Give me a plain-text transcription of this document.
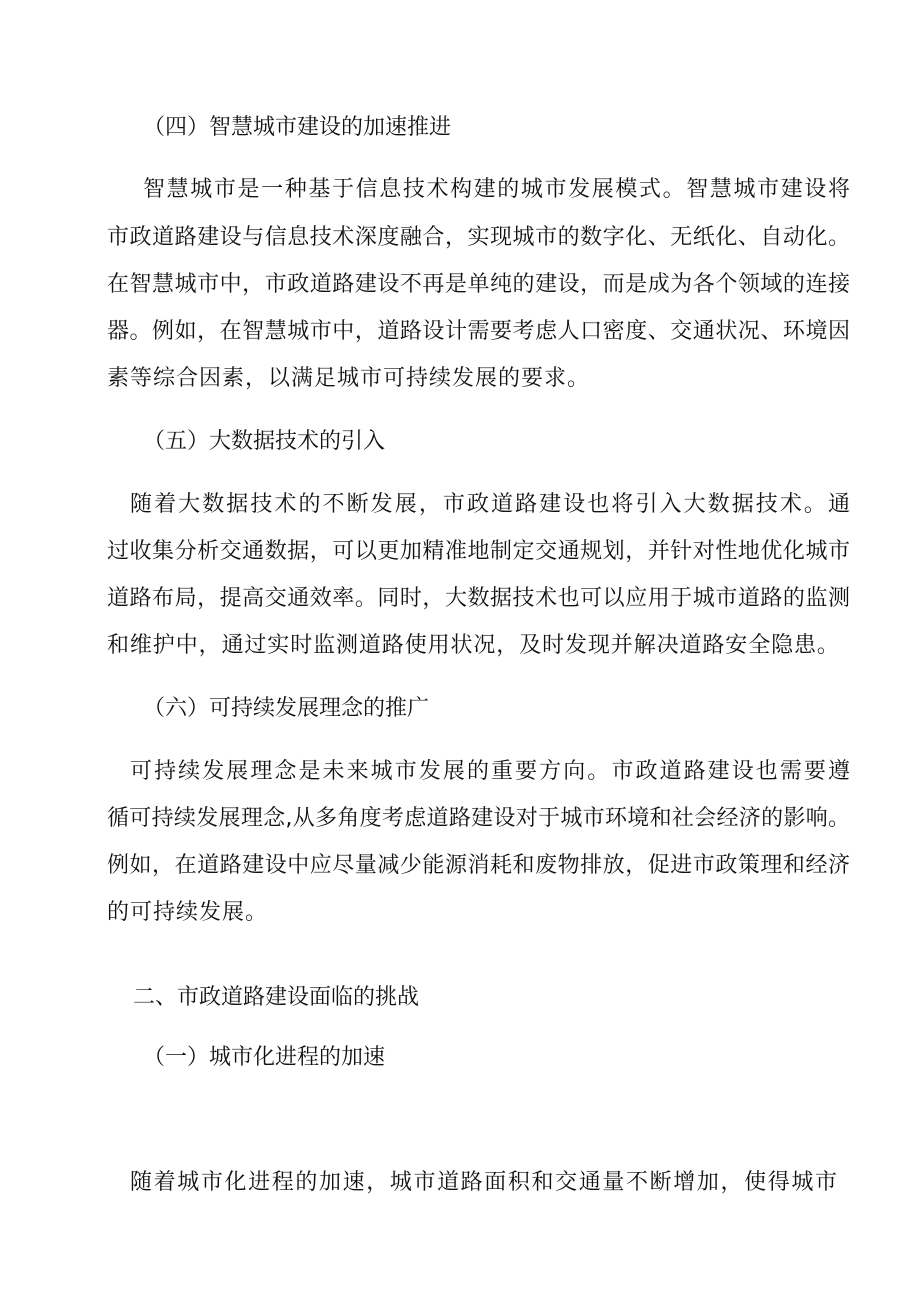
（四）智慧城市建设的加速推进
智慧城市是一种基于信息技术构建的城市发展模式。智慧城市建设将
市政道路建设与信息技术深度融合，实现城市的数字化、无纸化、自动化。
在智慧城市中，市政道路建设不再是单纯的建设，而是成为各个领域的连接
器。例如，在智慧城市中，道路设计需要考虑人口密度、交通状况、环境因
素等综合因素，以满足城市可持续发展的要求。
（五）大数据技术的引入
随着大数据技术的不断发展，市政道路建设也将引入大数据技术。通
过收集分析交通数据，可以更加精准地制定交通规划，并针对性地优化城市
道路布局，提高交通效率。同时，大数据技术也可以应用于城市道路的监测
和维护中，通过实时监测道路使用状况，及时发现并解决道路安全隐患。
（六）可持续发展理念的推广
可持续发展理念是未来城市发展的重要方向。市政道路建设也需要遵
循可持续发展理念,从多角度考虑道路建设对于城市环境和社会经济的影响。
例如，在道路建设中应尽量减少能源消耗和废物排放，促进市政策理和经济
的可持续发展。
二、市政道路建设面临的挑战
（一）城市化进程的加速
随着城市化进程的加速，城市道路面积和交通量不断增加，使得城市
